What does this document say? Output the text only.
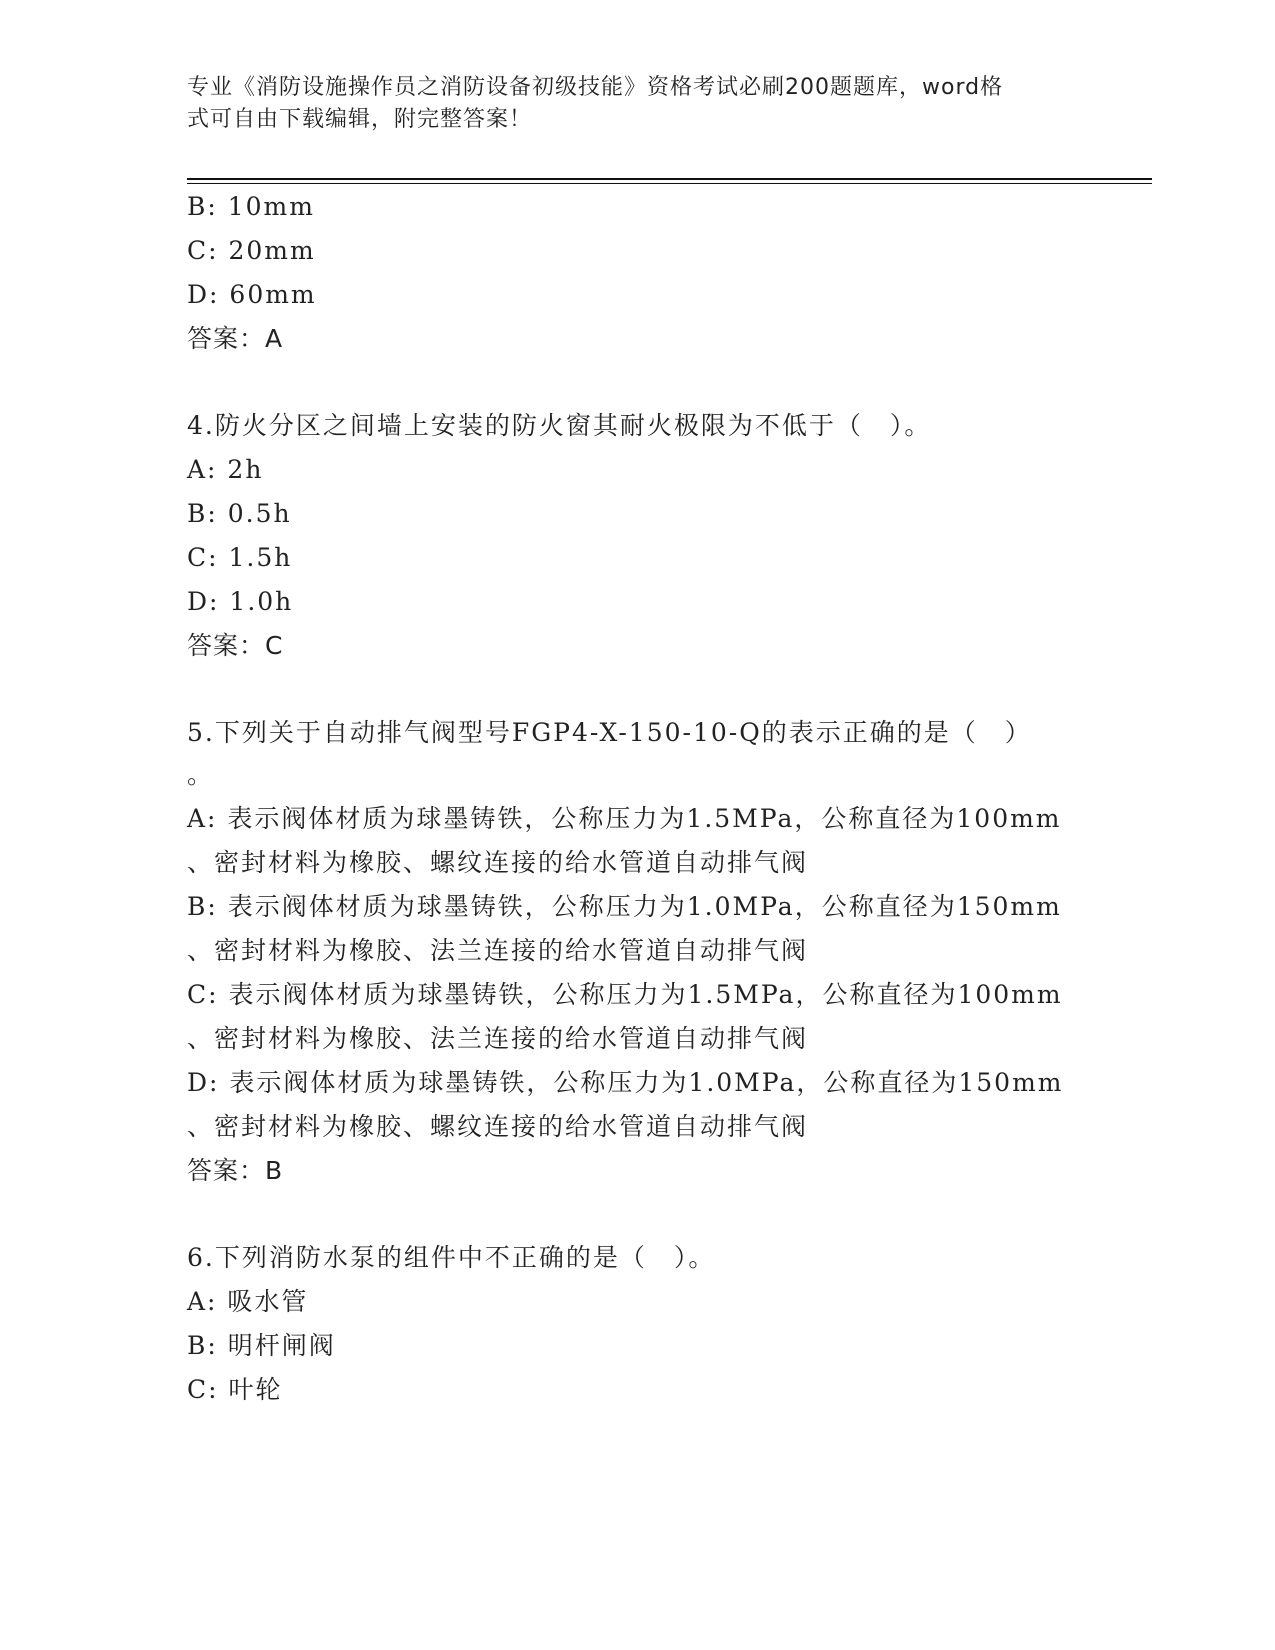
专业《消防设施操作员之消防设备初级技能》资格考试必刷200题题库，word格
式可自由下载编辑，附完整答案！
B: 10mm
C: 20mm
D: 60mm
答案：A
4.防火分区之间墙上安装的防火窗其耐火极限为不低于（　）。
A: 2h
B: 0.5h
C: 1.5h
D: 1.0h
答案：C
5.下列关于自动排气阀型号FGP4-X-150-10-Q的表示正确的是（　）
。
A: 表示阀体材质为球墨铸铁，公称压力为1.5MPa，公称直径为100mm
、密封材料为橡胶、螺纹连接的给水管道自动排气阀
B: 表示阀体材质为球墨铸铁，公称压力为1.0MPa，公称直径为150mm
、密封材料为橡胶、法兰连接的给水管道自动排气阀
C: 表示阀体材质为球墨铸铁，公称压力为1.5MPa，公称直径为100mm
、密封材料为橡胶、法兰连接的给水管道自动排气阀
D: 表示阀体材质为球墨铸铁，公称压力为1.0MPa，公称直径为150mm
、密封材料为橡胶、螺纹连接的给水管道自动排气阀
答案：B
6.下列消防水泵的组件中不正确的是（　）。
A: 吸水管
B: 明杆闸阀
C: 叶轮
